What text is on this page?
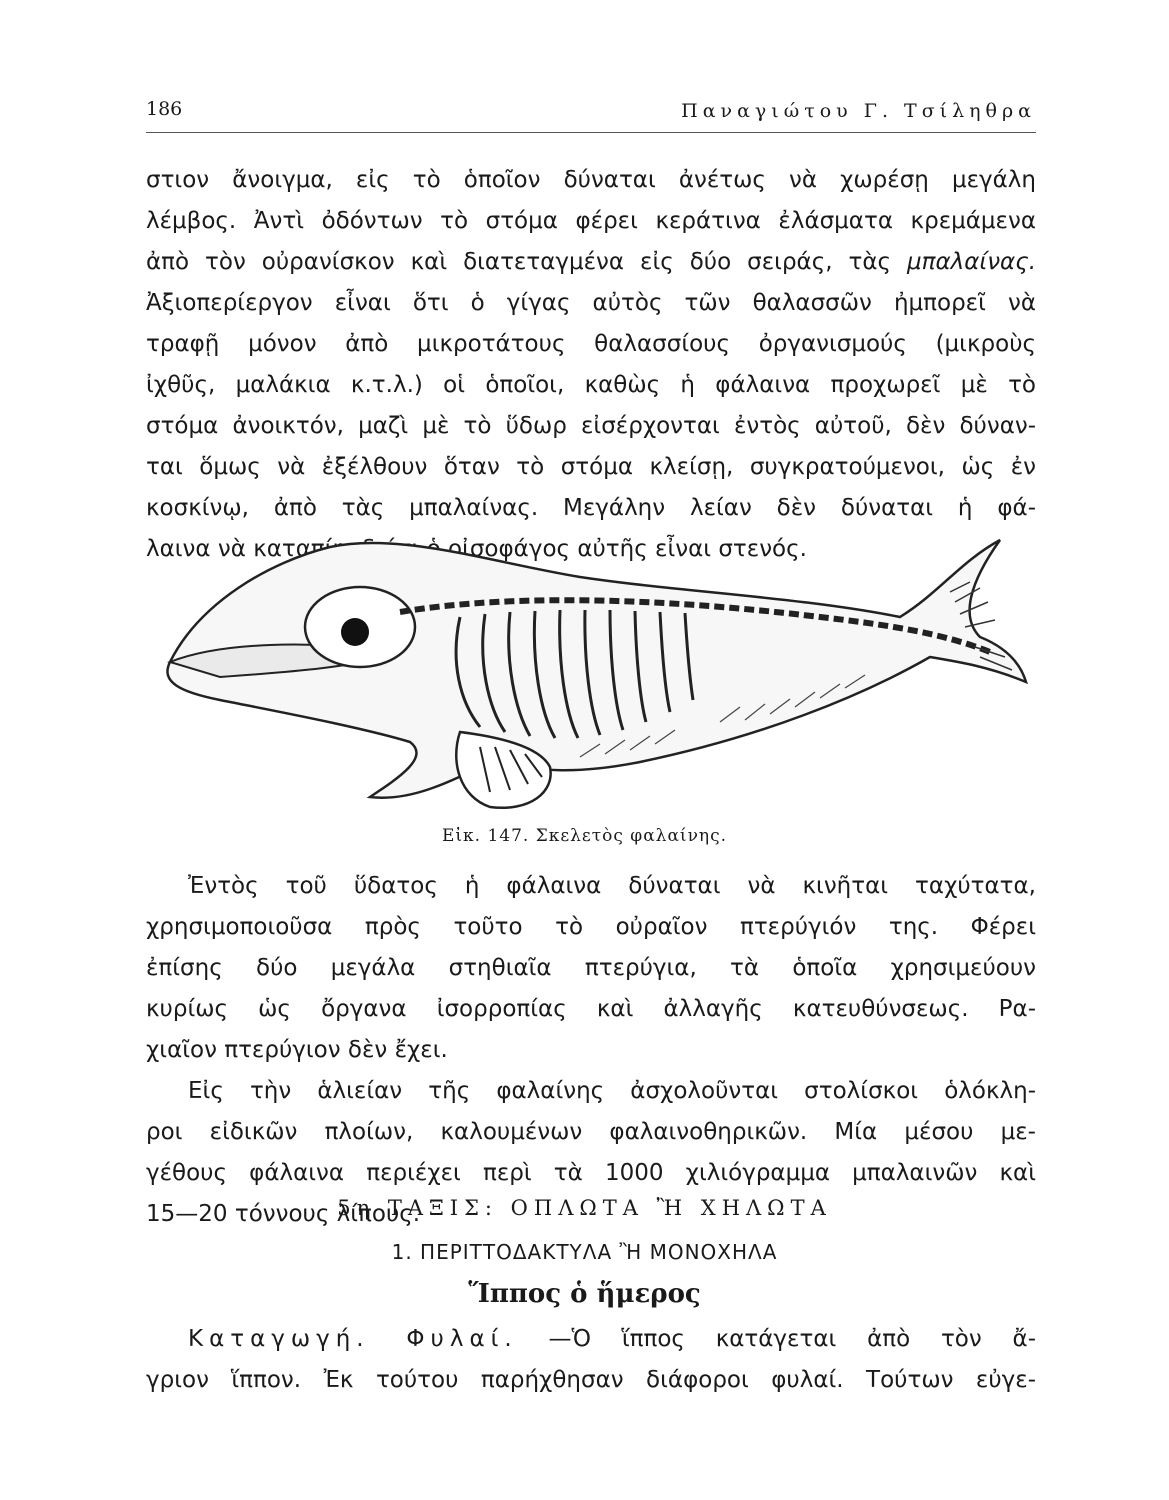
186	Παναγιώτου Γ. Τσίληθρα
στιον ἄνοιγμα, εἰς τὸ ὁποῖον δύναται ἀνέτως νὰ χωρέσῃ μεγάλη
λέμβος. Ἀντὶ ὀδόντων τὸ στόμα φέρει κεράτινα ἐλάσματα κρεμάμενα
ἀπὸ τὸν οὐρανίσκον καὶ διατεταγμένα εἰς δύο σειράς, τὰς μπαλαίνας.
Ἀξιοπερίεργον εἶναι ὅτι ὁ γίγας αὐτὸς τῶν θαλασσῶν ἠμπορεῖ νὰ
τραφῇ μόνον ἀπὸ μικροτάτους θαλασσίους ὀργανισμούς (μικροὺς
ἰχθῦς, μαλάκια κ.τ.λ.) οἱ ὁποῖοι, καθὼς ἡ φάλαινα προχωρεῖ μὲ τὸ
στόμα ἀνοικτόν, μαζὶ μὲ τὸ ὕδωρ εἰσέρχονται ἐντὸς αὐτοῦ, δὲν δύναν-
ται ὅμως νὰ ἐξέλθουν ὅταν τὸ στόμα κλείσῃ, συγκρατούμενοι, ὡς ἐν
κοσκίνῳ, ἀπὸ τὰς μπαλαίνας. Μεγάλην λείαν δὲν δύναται ἡ φά-
λαινα νὰ καταπίῃ, διότι ὁ οἰσοφάγος αὐτῆς εἶναι στενός.
Εἰκ. 147. Σκελετὸς φαλαίνης.
Ἐντὸς τοῦ ὕδατος ἡ φάλαινα δύναται νὰ κινῆται ταχύτατα,
χρησιμοποιοῦσα πρὸς τοῦτο τὸ οὐραῖον πτερύγιόν της. Φέρει
ἐπίσης δύο μεγάλα στηθιαῖα πτερύγια, τὰ ὁποῖα χρησιμεύουν
κυρίως ὡς ὄργανα ἰσορροπίας καὶ ἀλλαγῆς κατευθύνσεως. Ρα-
χιαῖον πτερύγιον δὲν ἔχει.
Εἰς τὴν ἁλιείαν τῆς φαλαίνης ἀσχολοῦνται στολίσκοι ὁλόκλη-
ροι εἰδικῶν πλοίων, καλουμένων φαλαινοθηρικῶν. Μία μέσου με-
γέθους φάλαινα περιέχει περὶ τὰ 1000 χιλιόγραμμα μπαλαινῶν καὶ
15—20 τόννους λίπους.
5η ΤΑΞΙΣ: ΟΠΛΩΤΑ Ἢ ΧΗΛΩΤΑ
1. ΠΕΡΙΤΤΟΔΑΚΤΥΛΑ Ἢ ΜΟΝΟΧΗΛΑ
Ἵππος ὁ ἥμερος
Καταγωγή. Φυλαί. —Ὁ ἵππος κατάγεται ἀπὸ τὸν ἄ-
γριον ἵππον. Ἐκ τούτου παρήχθησαν διάφοροι φυλαί. Τούτων εὐγε-
